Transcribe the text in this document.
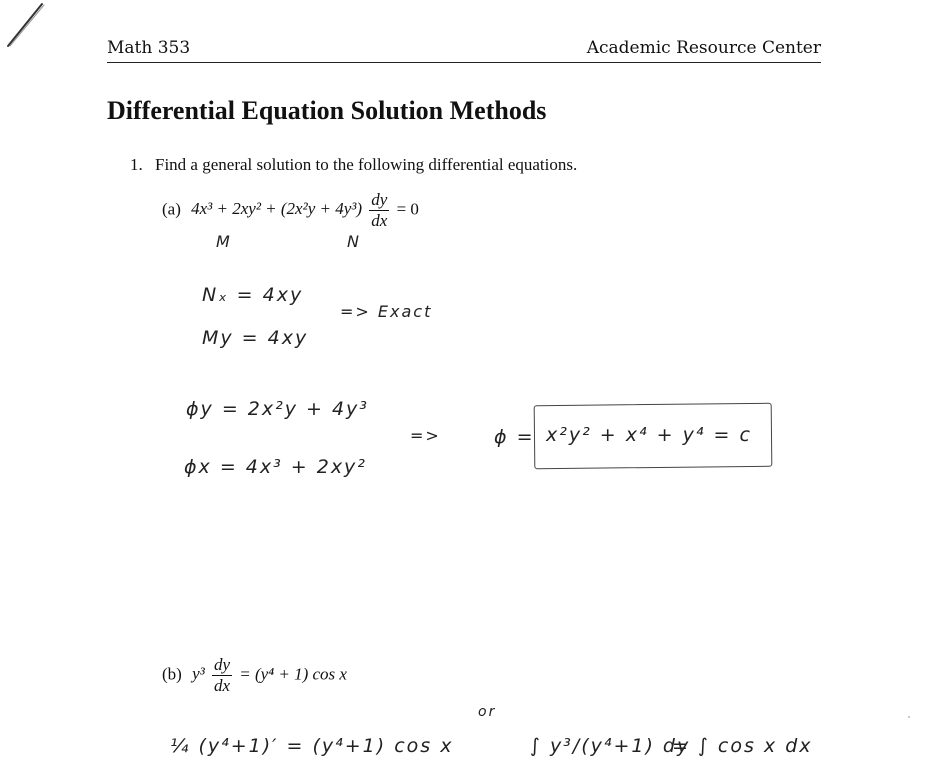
Math 353	Academic Resource Center
Differential Equation Solution Methods
1. Find a general solution to the following differential equations.
(a) $4x^3 + 2xy^2 + (2x^2y + 4y^3) \frac{dy}{dx} = 0$
M	N
Nₓ = 4xy
My = 4xy
=> Exact
ϕy = 2x²y + 4y³
ϕx = 4x³ + 2xy²
=>	ϕ = x²y² + x⁴ + y⁴ = c
(b) $y^3 \frac{dy}{dx} = (y^4 + 1)$ cos x
or
¼ (y⁴+1)′ = (y⁴+1) cos x	∫ y³/(y⁴+1) dy
= ∫ cos x dx
